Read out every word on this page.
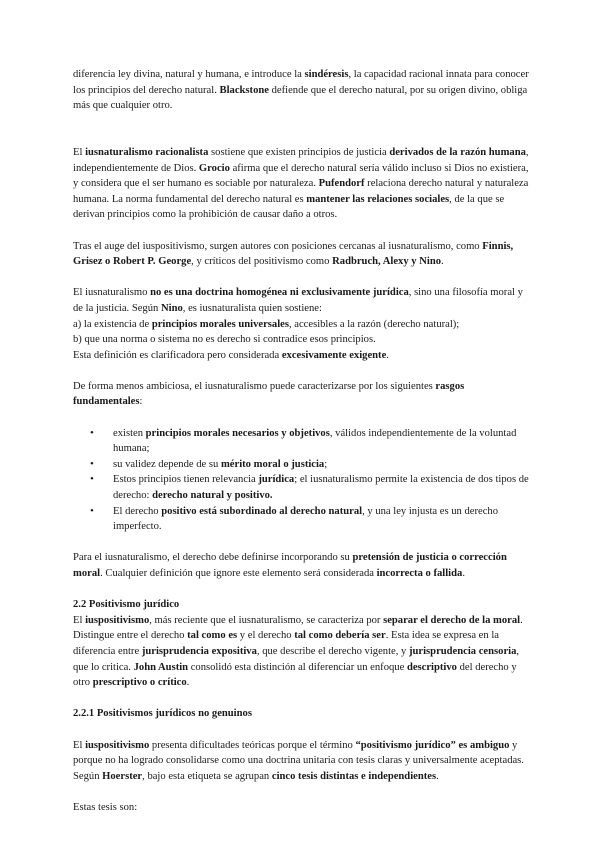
diferencia ley divina, natural y humana, e introduce la sindéresis, la capacidad racional innata para conocer los principios del derecho natural. Blackstone defiende que el derecho natural, por su origen divino, obliga más que cualquier otro.

El iusnaturalismo racionalista sostiene que existen principios de justicia derivados de la razón humana, independientemente de Dios. Grocio afirma que el derecho natural sería válido incluso si Dios no existiera, y considera que el ser humano es sociable por naturaleza. Pufendorf relaciona derecho natural y naturaleza humana. La norma fundamental del derecho natural es mantener las relaciones sociales, de la que se derivan principios como la prohibición de causar daño a otros.

Tras el auge del iuspositivismo, surgen autores con posiciones cercanas al iusnaturalismo, como Finnis, Grisez o Robert P. George, y críticos del positivismo como Radbruch, Alexy y Nino.

El iusnaturalismo no es una doctrina homogénea ni exclusivamente jurídica, sino una filosofía moral y de la justicia. Según Nino, es iusnaturalista quien sostiene:
a) la existencia de principios morales universales, accesibles a la razón (derecho natural);
b) que una norma o sistema no es derecho si contradice esos principios.
Esta definición es clarificadora pero considerada excesivamente exigente.

De forma menos ambiciosa, el iusnaturalismo puede caracterizarse por los siguientes rasgos fundamentales:

• existen principios morales necesarios y objetivos, válidos independientemente de la voluntad humana;
• su validez depende de su mérito moral o justicia;
• Estos principios tienen relevancia jurídica; el iusnaturalismo permite la existencia de dos tipos de derecho: derecho natural y positivo.
• El derecho positivo está subordinado al derecho natural, y una ley injusta es un derecho imperfecto.

Para el iusnaturalismo, el derecho debe definirse incorporando su pretensión de justicia o corrección moral. Cualquier definición que ignore este elemento será considerada incorrecta o fallida.

2.2 Positivismo jurídico

El iuspositivismo, más reciente que el iusnaturalismo, se caracteriza por separar el derecho de la moral. Distingue entre el derecho tal como es y el derecho tal como debería ser. Esta idea se expresa en la diferencia entre jurisprudencia expositiva, que describe el derecho vigente, y jurisprudencia censoria, que lo critica. John Austin consolidó esta distinción al diferenciar un enfoque descriptivo del derecho y otro prescriptivo o crítico.

2.2.1 Positivismos jurídicos no genuinos

El iuspositivismo presenta dificultades teóricas porque el término “positivismo jurídico” es ambiguo y porque no ha logrado consolidarse como una doctrina unitaria con tesis claras y universalmente aceptadas. Según Hoerster, bajo esta etiqueta se agrupan cinco tesis distintas e independientes.

Estas tesis son:
